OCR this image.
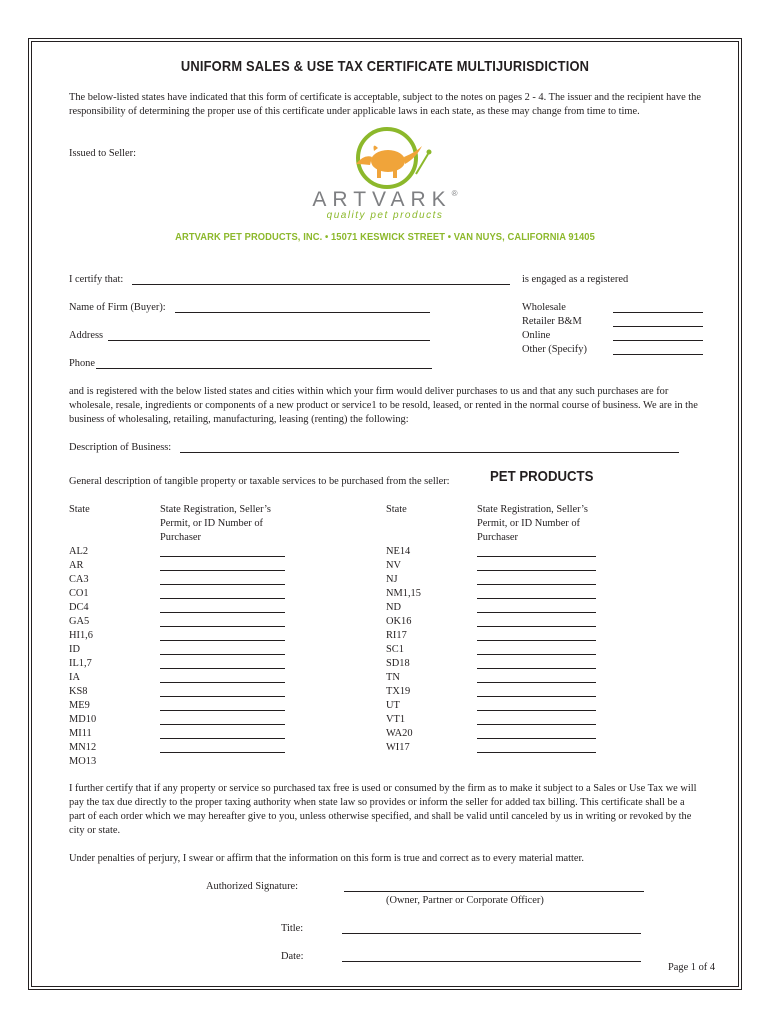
UNIFORM SALES & USE TAX CERTIFICATE MULTIJURISDICTION
The below-listed states have indicated that this form of certificate is acceptable, subject to the notes on pages 2 - 4. The issuer and the recipient have the responsibility of determining the proper use of this certificate under applicable laws in each state, as these may change from time to time.
Issued to Seller:
ARTVARK®
quality pet products
ARTVARK PET PRODUCTS, INC. • 15071 KESWICK STREET • VAN NUYS, CALIFORNIA 91405
I certify that:	is engaged as a registered
Name of Firm (Buyer):
Address
Phone
Wholesale
Retailer B&M
Online
Other (Specify)
and is registered with the below listed states and cities within which your firm would deliver purchases to us and that any such purchases are for wholesale, resale, ingredients or components of a new product or service1 to be resold, leased, or rented in the normal course of business. We are in the business of wholesaling, retailing, manufacturing, leasing (renting) the following:
Description of Business:
General description of tangible property or taxable services to be purchased from the seller:	PET PRODUCTS
State	State Registration, Seller’s
Permit, or ID Number of
Purchaser
State	State Registration, Seller’s
Permit, or ID Number of
Purchaser
AL2
AR
CA3
CO1
DC4
GA5
HI1,6
ID
IL1,7
IA
KS8
ME9
MD10
MI11
MN12
MO13
NE14
NV
NJ
NM1,15
ND
OK16
RI17
SC1
SD18
TN
TX19
UT
VT1
WA20
WI17
I further certify that if any property or service so purchased tax free is used or consumed by the firm as to make it subject to a Sales or Use Tax we will pay the tax due directly to the proper taxing authority when state law so provides or inform the seller for added tax billing. This certificate shall be a part of each order which we may hereafter give to you, unless otherwise specified, and shall be valid until canceled by us in writing or revoked by the city or state.
Under penalties of perjury, I swear or affirm that the information on this form is true and correct as to every material matter.
Authorized Signature:
(Owner, Partner or Corporate Officer)
Title:
Date:
Page 1 of 4
